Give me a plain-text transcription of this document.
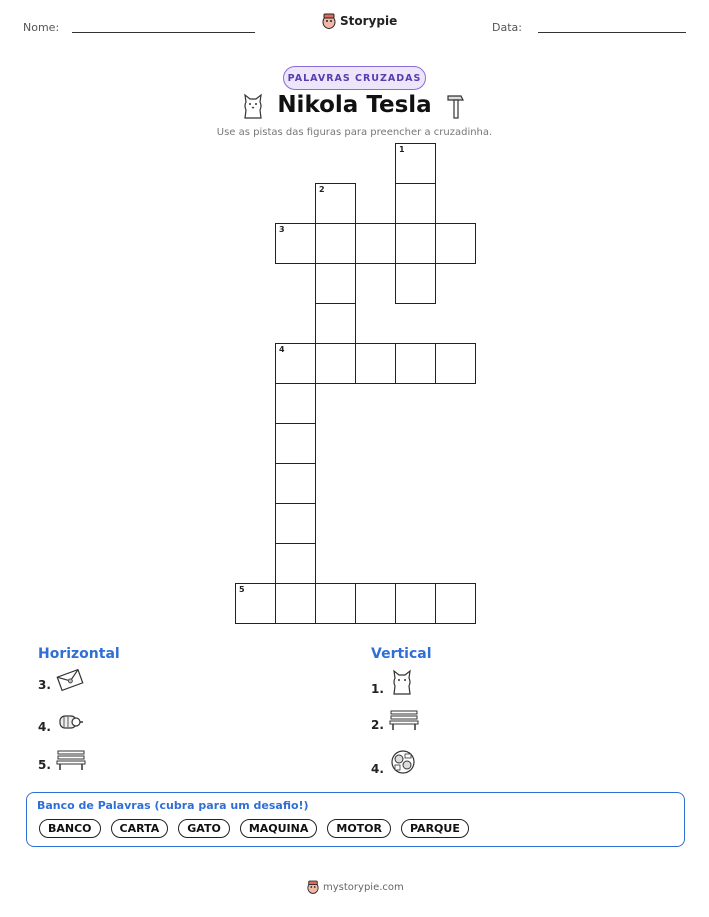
Nome:	Storypie	Data:
PALAVRAS CRUZADAS
Nikola Tesla
Use as pistas das figuras para preencher a cruzadinha.
1
2
3
4
5
Horizontal	Vertical
3.
4.
5.
1.
2.
4.
Banco de Palavras (cubra para um desafio!)
BANCO	CARTA	GATO	MAQUINA	MOTOR	PARQUE
mystorypie.com
